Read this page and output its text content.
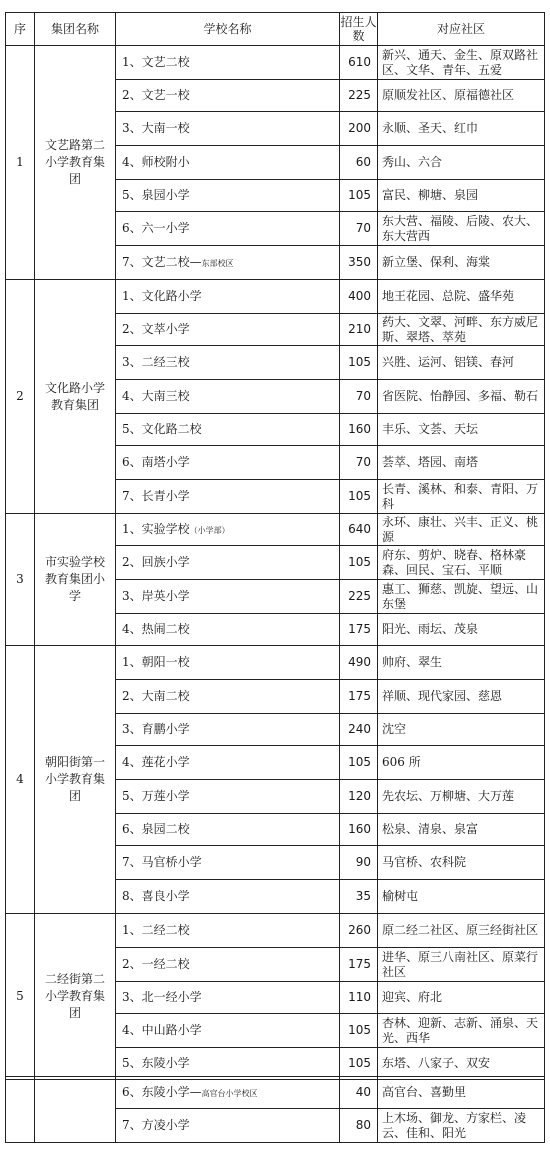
序	集团名称	学校名称	招生人数	对应社区
1	文艺路第二小学教育集团	1、文艺二校	610	新兴、通天、金生、原双路社区、文华、青年、五爱
		2、文艺一校	225	原顺发社区、原福德社区
		3、大南一校	200	永顺、圣天、红巾
		4、师校附小	60	秀山、六合
		5、泉园小学	105	富民、柳塘、泉园
		6、六一小学	70	东大营、福陵、后陵、农大、东大营西
		7、文艺二校—东部校区	350	新立堡、保利、海棠
2	文化路小学教育集团	1、文化路小学	400	地王花园、总院、盛华苑
		2、文萃小学	210	药大、文翠、河畔、东方威尼斯、翠塔、萃苑
		3、二经三校	105	兴胜、运河、铝镁、春河
		4、大南三校	70	省医院、怡静园、多福、勒石
		5、文化路二校	160	丰乐、文荟、天坛
		6、南塔小学	70	荟萃、塔园、南塔
		7、长青小学	105	长青、溪林、和泰、青阳、万科
3	市实验学校教育集团小学	1、实验学校（小学部）	640	永环、康壮、兴丰、正义、桃源
		2、回族小学	105	府东、剪炉、晓春、格林豪森、回民、宝石、平顺
		3、岸英小学	225	惠工、狮慈、凯旋、望远、山东堡
		4、热闹二校	175	阳光、雨坛、茂泉
4	朝阳街第一小学教育集团	1、朝阳一校	490	帅府、翠生
		2、大南二校	175	祥顺、现代家园、慈恩
		3、育鹏小学	240	沈空
		4、莲花小学	105	606 所
		5、万莲小学	120	先农坛、万柳塘、大万莲
		6、泉园二校	160	松泉、清泉、泉富
		7、马官桥小学	90	马官桥、农科院
		8、喜良小学	35	榆树屯
5	二经街第二小学教育集团	1、二经二校	260	原二经二社区、原三经街社区
		2、一经二校	175	进华、原三八南社区、原菜行社区
		3、北一经小学	110	迎宾、府北
		4、中山路小学	105	杏林、迎新、志新、涌泉、天光、西华
		5、东陵小学	105	东塔、八家子、双安
		6、东陵小学—高官台小学校区	40	高官台、喜勤里
		7、方凌小学	80	上木场、御龙、方家栏、凌云、佳和、阳光
